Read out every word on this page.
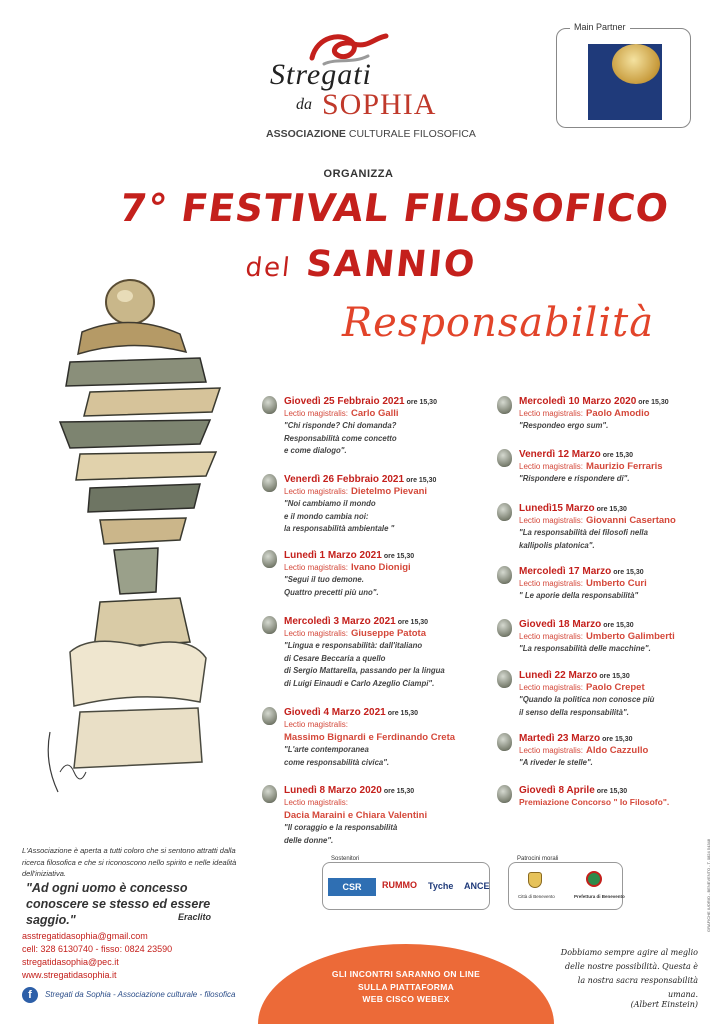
Stregati
da SOPHIA
ASSOCIAZIONE CULTURALE FILOSOFICA
Main Partner
ORGANIZZA
7° FESTIVAL FILOSOFICO
del SANNIO
Responsabilità
Giovedì 25 Febbraio 2021 ore 15,30
Lectio magistralis: Carlo Galli
"Chi risponde? Chi domanda?
Responsabilità come concetto
e come dialogo".
Venerdì 26 Febbraio 2021 ore 15,30
Lectio magistralis: Dietelmo Pievani
"Noi cambiamo il mondo
e il mondo cambia noi:
la responsabilità ambientale "
Lunedì 1 Marzo 2021 ore 15,30
Lectio magistralis: Ivano Dionigi
"Segui il tuo demone.
Quattro precetti più uno".
Mercoledì 3 Marzo 2021 ore 15,30
Lectio magistralis: Giuseppe Patota
"Lingua e responsabilità: dall'italiano
di Cesare Beccaria a quello
di Sergio Mattarella, passando per la lingua
di Luigi Einaudi e Carlo Azeglio Ciampi".
Giovedì 4 Marzo 2021 ore 15,30
Lectio magistralis:
Massimo Bignardi e Ferdinando Creta
"L'arte contemporanea
come responsabilità civica".
Lunedì 8 Marzo 2020 ore 15,30
Lectio magistralis:
Dacia Maraini e Chiara Valentini
"Il coraggio e la responsabilità
delle donne".
Mercoledì 10 Marzo 2020 ore 15,30
Lectio magistralis: Paolo Amodio
"Respondeo ergo sum".
Venerdì 12 Marzo ore 15,30
Lectio magistralis: Maurizio Ferraris
"Rispondere e rispondere di".
Lunedì15 Marzo ore 15,30
Lectio magistralis: Giovanni Casertano
"La responsabilità dei filosofi nella
kallipolis platonica".
Mercoledì 17 Marzo ore 15,30
Lectio magistralis: Umberto Curi
" Le aporie della responsabilità"
Giovedì 18 Marzo ore 15,30
Lectio magistralis: Umberto Galimberti
"La responsabilità delle macchine".
Lunedì 22 Marzo ore 15,30
Lectio magistralis: Paolo Crepet
"Quando la politica non conosce più
il senso della responsabilità".
Martedì 23 Marzo ore 15,30
Lectio magistralis: Aldo Cazzullo
"A riveder le stelle".
Giovedì 8 Aprile ore 15,30
Premiazione Concorso " Io Filosofo".
L'Associazione è aperta a tutti coloro che si sentono attratti dalla ricerca filosofica e che si riconoscono nello spirito e nelle idealità dell'iniziativa.
"Ad ogni uomo è concesso conoscere se stesso ed essere saggio."	Eraclito
asstregatidasophia@gmail.com
cell: 328 6130740 - fisso: 0824 23590
stregatidasophia@pec.it
www.stregatidasophia.it
f	Stregati da Sophia - Associazione culturale - filosofica
Sostenitori
CSR	RUMMO Tyche ANCE
Patrocini morali
Città di Benevento	Prefettura di Benevento	GRAFICHE IUORIO - BENEVENTO - T. 0824 54348
GLI INCONTRI SARANNO ON LINE
SULLA PIATTAFORMA
WEB CISCO WEBEX
Dobbiamo sempre agire al meglio
delle nostre possibilità. Questa è
la nostra sacra responsabilità umana.
(Albert Einstein)
